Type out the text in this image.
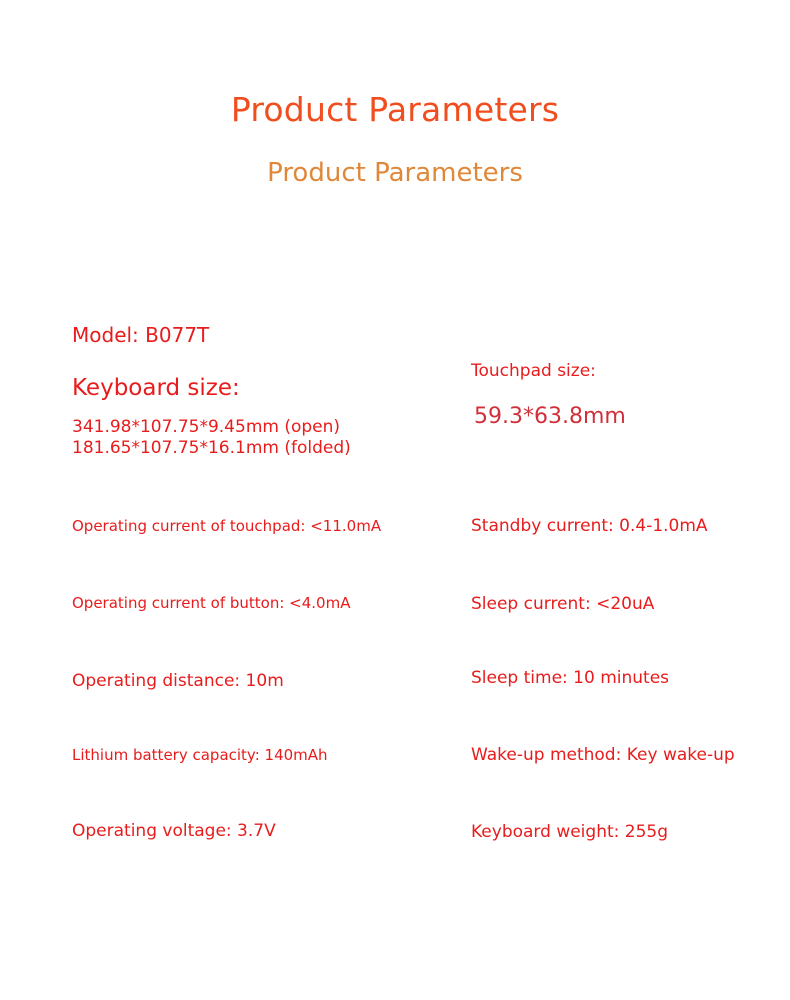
Product Parameters
Product Parameters

Model: B077T

Keyboard size:

341.98*107.75*9.45mm (open)

181.65*107.75*16.1mm (folded)

Operating current of touchpad: <11.0mA

Operating current of button: <4.0mA

Operating distance: 10m

Lithium battery capacity: 140mAh

Operating voltage: 3.7V

Touchpad size:

59.3*63.8mm

Standby current: 0.4-1.0mA

Sleep current: <20uA

Sleep time: 10 minutes

Wake-up method: Key wake-up

Keyboard weight: 255g
